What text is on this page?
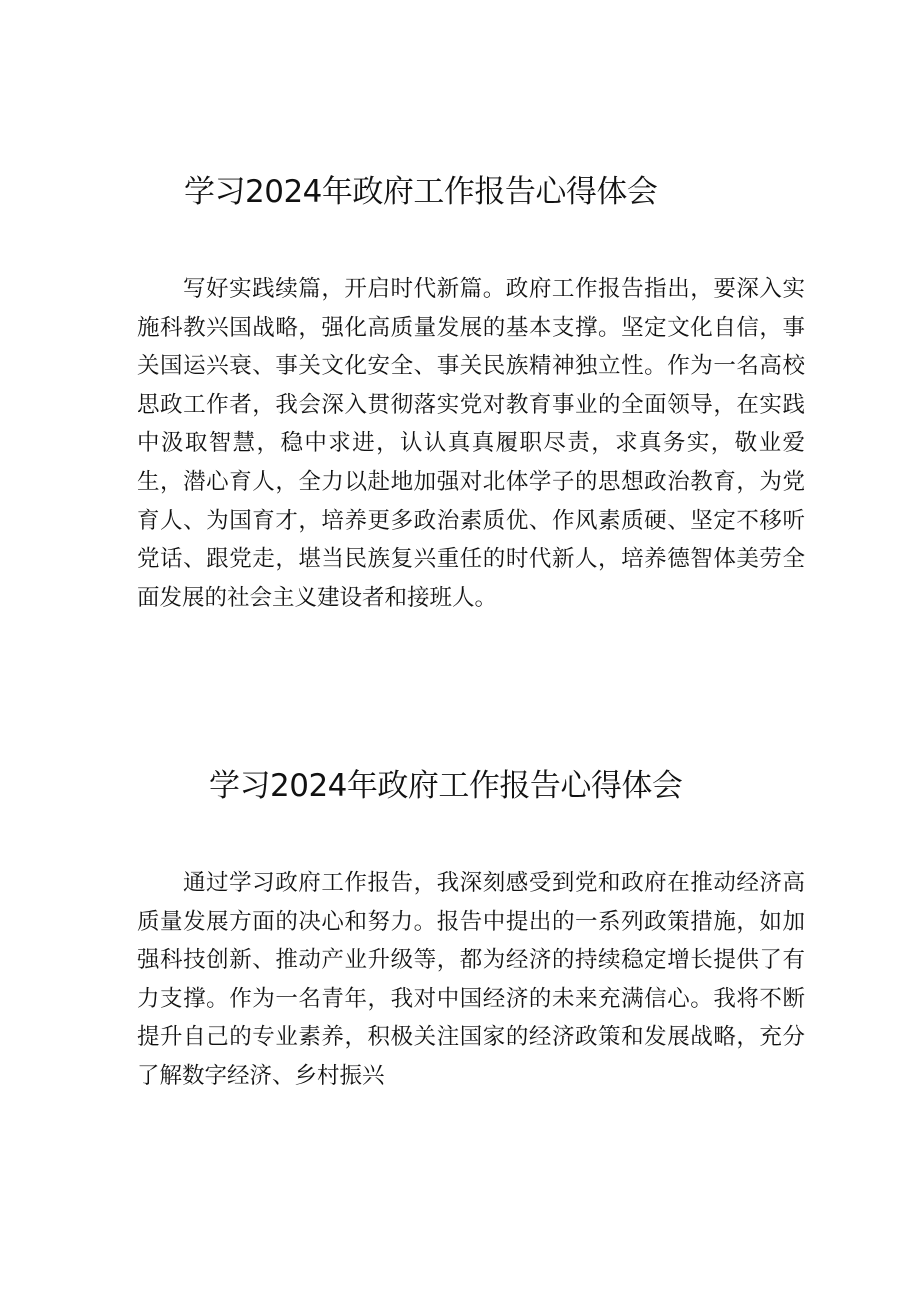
学习2024年政府工作报告心得体会

写好实践续篇，开启时代新篇。政府工作报告指出，要深入实施科教兴国战略，强化高质量发展的基本支撑。坚定文化自信，事关国运兴衰、事关文化安全、事关民族精神独立性。作为一名高校思政工作者，我会深入贯彻落实党对教育事业的全面领导，在实践中汲取智慧，稳中求进，认认真真履职尽责，求真务实，敬业爱生，潜心育人，全力以赴地加强对北体学子的思想政治教育，为党育人、为国育才，培养更多政治素质优、作风素质硬、坚定不移听党话、跟党走，堪当民族复兴重任的时代新人，培养德智体美劳全面发展的社会主义建设者和接班人。

学习2024年政府工作报告心得体会

通过学习政府工作报告，我深刻感受到党和政府在推动经济高质量发展方面的决心和努力。报告中提出的一系列政策措施，如加强科技创新、推动产业升级等，都为经济的持续稳定增长提供了有力支撑。作为一名青年，我对中国经济的未来充满信心。我将不断提升自己的专业素养，积极关注国家的经济政策和发展战略，充分了解数字经济、乡村振兴
